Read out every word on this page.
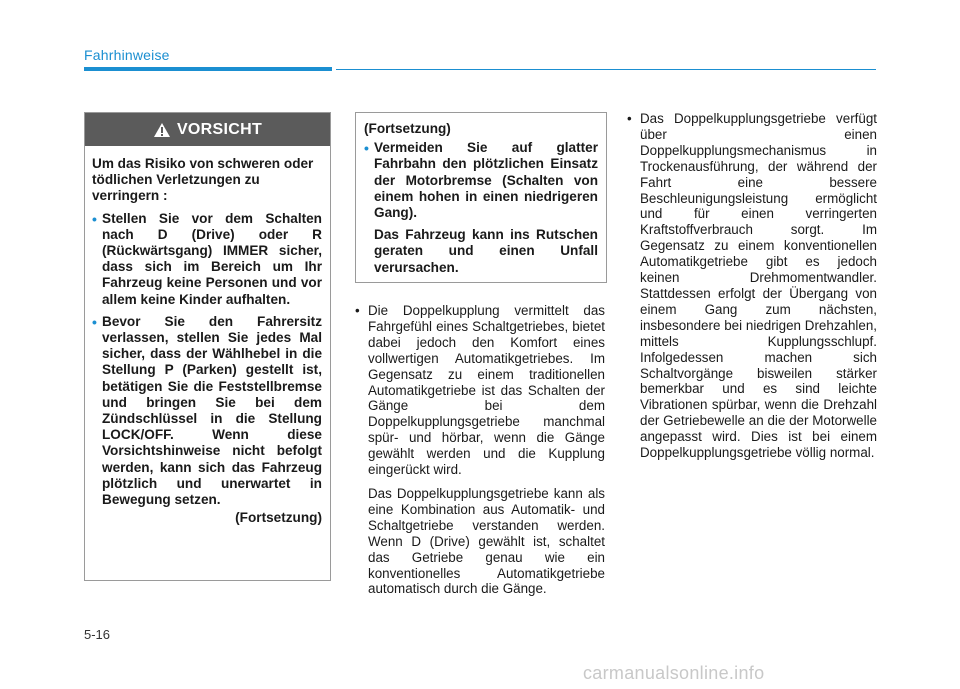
Fahrhinweise
VORSICHT

Um das Risiko von schweren oder tödlichen Verletzungen zu verringern :

• Stellen Sie vor dem Schalten nach D (Drive) oder R (Rückwärtsgang) IMMER sicher, dass sich im Bereich um Ihr Fahrzeug keine Personen und vor allem keine Kinder aufhalten.
• Bevor Sie den Fahrersitz verlassen, stellen Sie jedes Mal sicher, dass der Wählhebel in die Stellung P (Parken) gestellt ist, betätigen Sie die Feststellbremse und bringen Sie bei dem Zündschlüssel in die Stellung LOCK/OFF. Wenn diese Vorsichtshinweise nicht befolgt werden, kann sich das Fahrzeug plötzlich und unerwartet in Bewegung setzen.
(Fortsetzung)
(Fortsetzung)
• Vermeiden Sie auf glatter Fahrbahn den plötzlichen Einsatz der Motorbremse (Schalten von einem hohen in einen niedrigeren Gang).
Das Fahrzeug kann ins Rutschen geraten und einen Unfall verursachen.
• Die Doppelkupplung vermittelt das Fahrgefühl eines Schaltgetriebes, bietet dabei jedoch den Komfort eines vollwertigen Automatikgetriebes. Im Gegensatz zu einem traditionellen Automatikgetriebe ist das Schalten der Gänge bei dem Doppelkupplungsgetriebe manchmal spür- und hörbar, wenn die Gänge gewählt werden und die Kupplung eingerückt wird.
Das Doppelkupplungsgetriebe kann als eine Kombination aus Automatik- und Schaltgetriebe verstanden werden. Wenn D (Drive) gewählt ist, schaltet das Getriebe genau wie ein konventionelles Automatikgetriebe automatisch durch die Gänge.
• Das Doppelkupplungsgetriebe verfügt über einen Doppelkupplungsmechanismus in Trockenausführung, der während der Fahrt eine bessere Beschleunigungsleistung ermöglicht und für einen verringerten Kraftstoffverbrauch sorgt. Im Gegensatz zu einem konventionellen Automatikgetriebe gibt es jedoch keinen Drehmomentwandler. Stattdessen erfolgt der Übergang von einem Gang zum nächsten, insbesondere bei niedrigen Drehzahlen, mittels Kupplungsschlupf. Infolgedessen machen sich Schaltvorgänge bisweilen stärker bemerkbar und es sind leichte Vibrationen spürbar, wenn die Drehzahl der Getriebewelle an die der Motorwelle angepasst wird. Dies ist bei einem Doppelkupplungsgetriebe völlig normal.
5-16
carmanualsonline.info
